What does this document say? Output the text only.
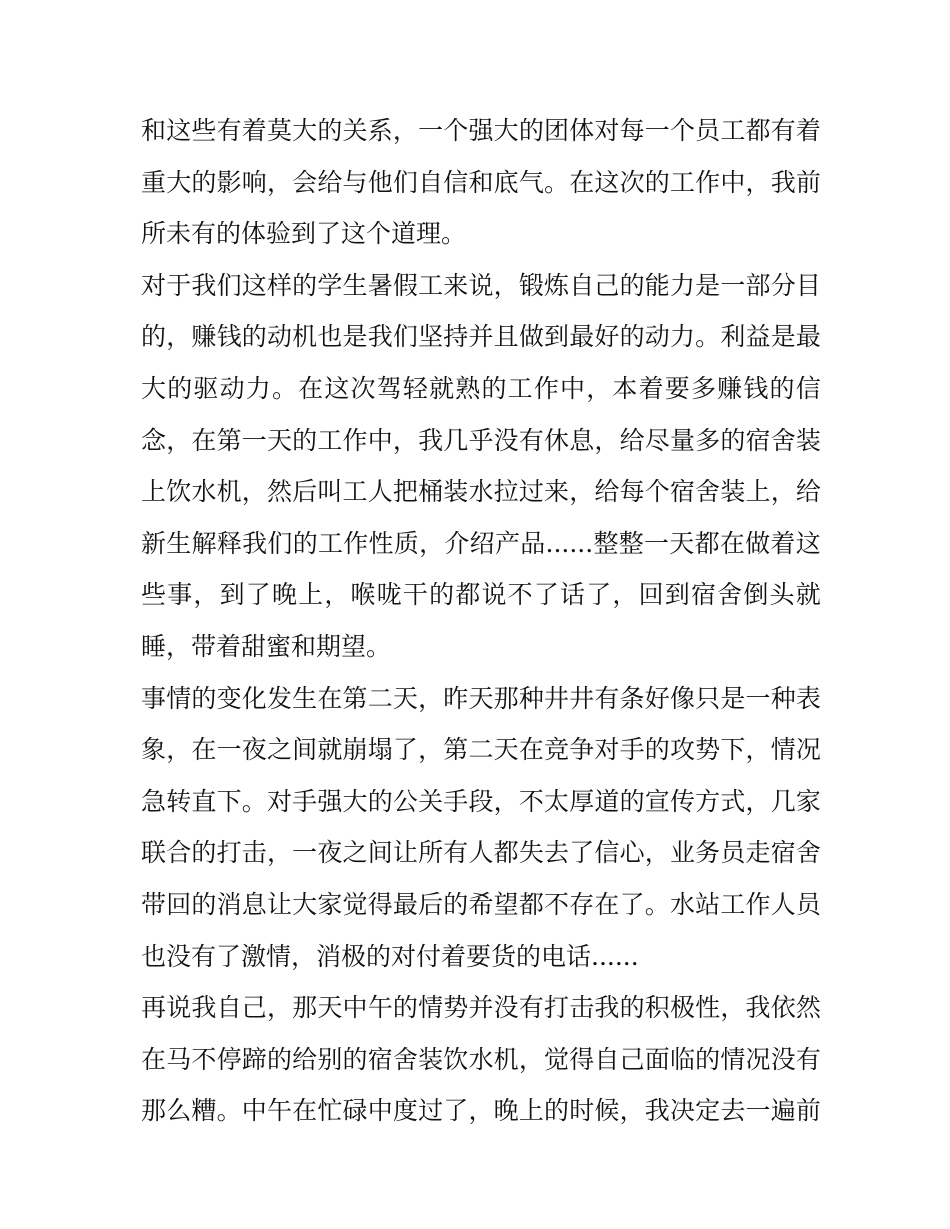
和 这 些 有 着 莫 大 的 关 系 ， 一 个 强 大 的 团 体 对 每 一 个 员 工 都 有 着
重 大 的 影 响 ， 会 给 与 他 们 自 信 和 底 气 。 在 这 次 的 工 作 中 ， 我 前
所未有的体验到了这个道理。
对 于 我 们 这 样 的 学 生 暑 假 工 来 说 ， 锻 炼 自 己 的 能 力 是 一 部 分 目
的 ， 赚 钱 的 动 机 也 是 我 们 坚 持 并 且 做 到 最 好 的 动 力 。 利 益 是 最
大 的 驱 动 力 。 在 这 次 驾 轻 就 熟 的 工 作 中 ， 本 着 要 多 赚 钱 的 信
念 ， 在 第 一 天 的 工 作 中 ， 我 几 乎 没 有 休 息 ， 给 尽 量 多 的 宿 舍 装
上 饮 水 机 ， 然 后 叫 工 人 把 桶 装 水 拉 过 来 ， 给 每 个 宿 舍 装 上 ， 给
新 生 解 释 我 们 的 工 作 性 质 ， 介 绍 产 品 ...... 整 整 一 天 都 在 做 着 这
些 事 ， 到 了 晚 上 ， 喉 咙 干 的 都 说 不 了 话 了 ， 回 到 宿 舍 倒 头 就
睡，带着甜蜜和期望。
事 情 的 变 化 发 生 在 第 二 天 ， 昨 天 那 种 井 井 有 条 好 像 只 是 一 种 表
象 ， 在 一 夜 之 间 就 崩 塌 了 ， 第 二 天 在 竞 争 对 手 的 攻 势 下 ， 情 况
急 转 直 下 。 对 手 强 大 的 公 关 手 段 ， 不 太 厚 道 的 宣 传 方 式 ， 几 家
联 合 的 打 击 ， 一 夜 之 间 让 所 有 人 都 失 去 了 信 心 ， 业 务 员 走 宿 舍
带 回 的 消 息 让 大 家 觉 得 最 后 的 希 望 都 不 存 在 了 。 水 站 工 作 人 员
也没有了激情，消极的对付着要货的电话......
再 说 我 自 己 ， 那 天 中 午 的 情 势 并 没 有 打 击 我 的 积 极 性 ， 我 依 然
在 马 不 停 蹄 的 给 别 的 宿 舍 装 饮 水 机 ， 觉 得 自 己 面 临 的 情 况 没 有
那 么 糟 。 中 午 在 忙 碌 中 度 过 了 ， 晚 上 的 时 候 ， 我 决 定 去 一 遍 前
